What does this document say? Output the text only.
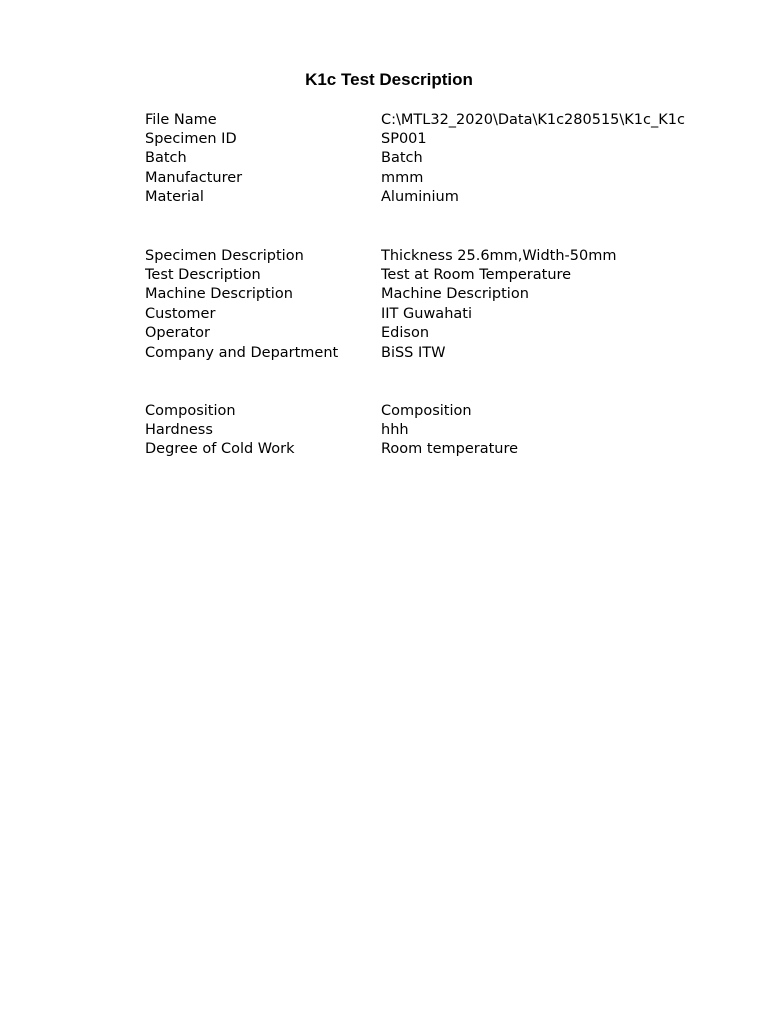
K1c Test Description
File Name	C:\MTL32_2020\Data\K1c280515\K1c_K1c
Specimen ID	SP001
Batch	Batch
Manufacturer	mmm
Material	Aluminium
Specimen Description	Thickness 25.6mm,Width-50mm
Test Description	Test at Room Temperature
Machine Description	Machine Description
Customer	IIT Guwahati
Operator	Edison
Company and Department	BiSS ITW
Composition	Composition
Hardness	hhh
Degree of Cold Work	Room temperature
